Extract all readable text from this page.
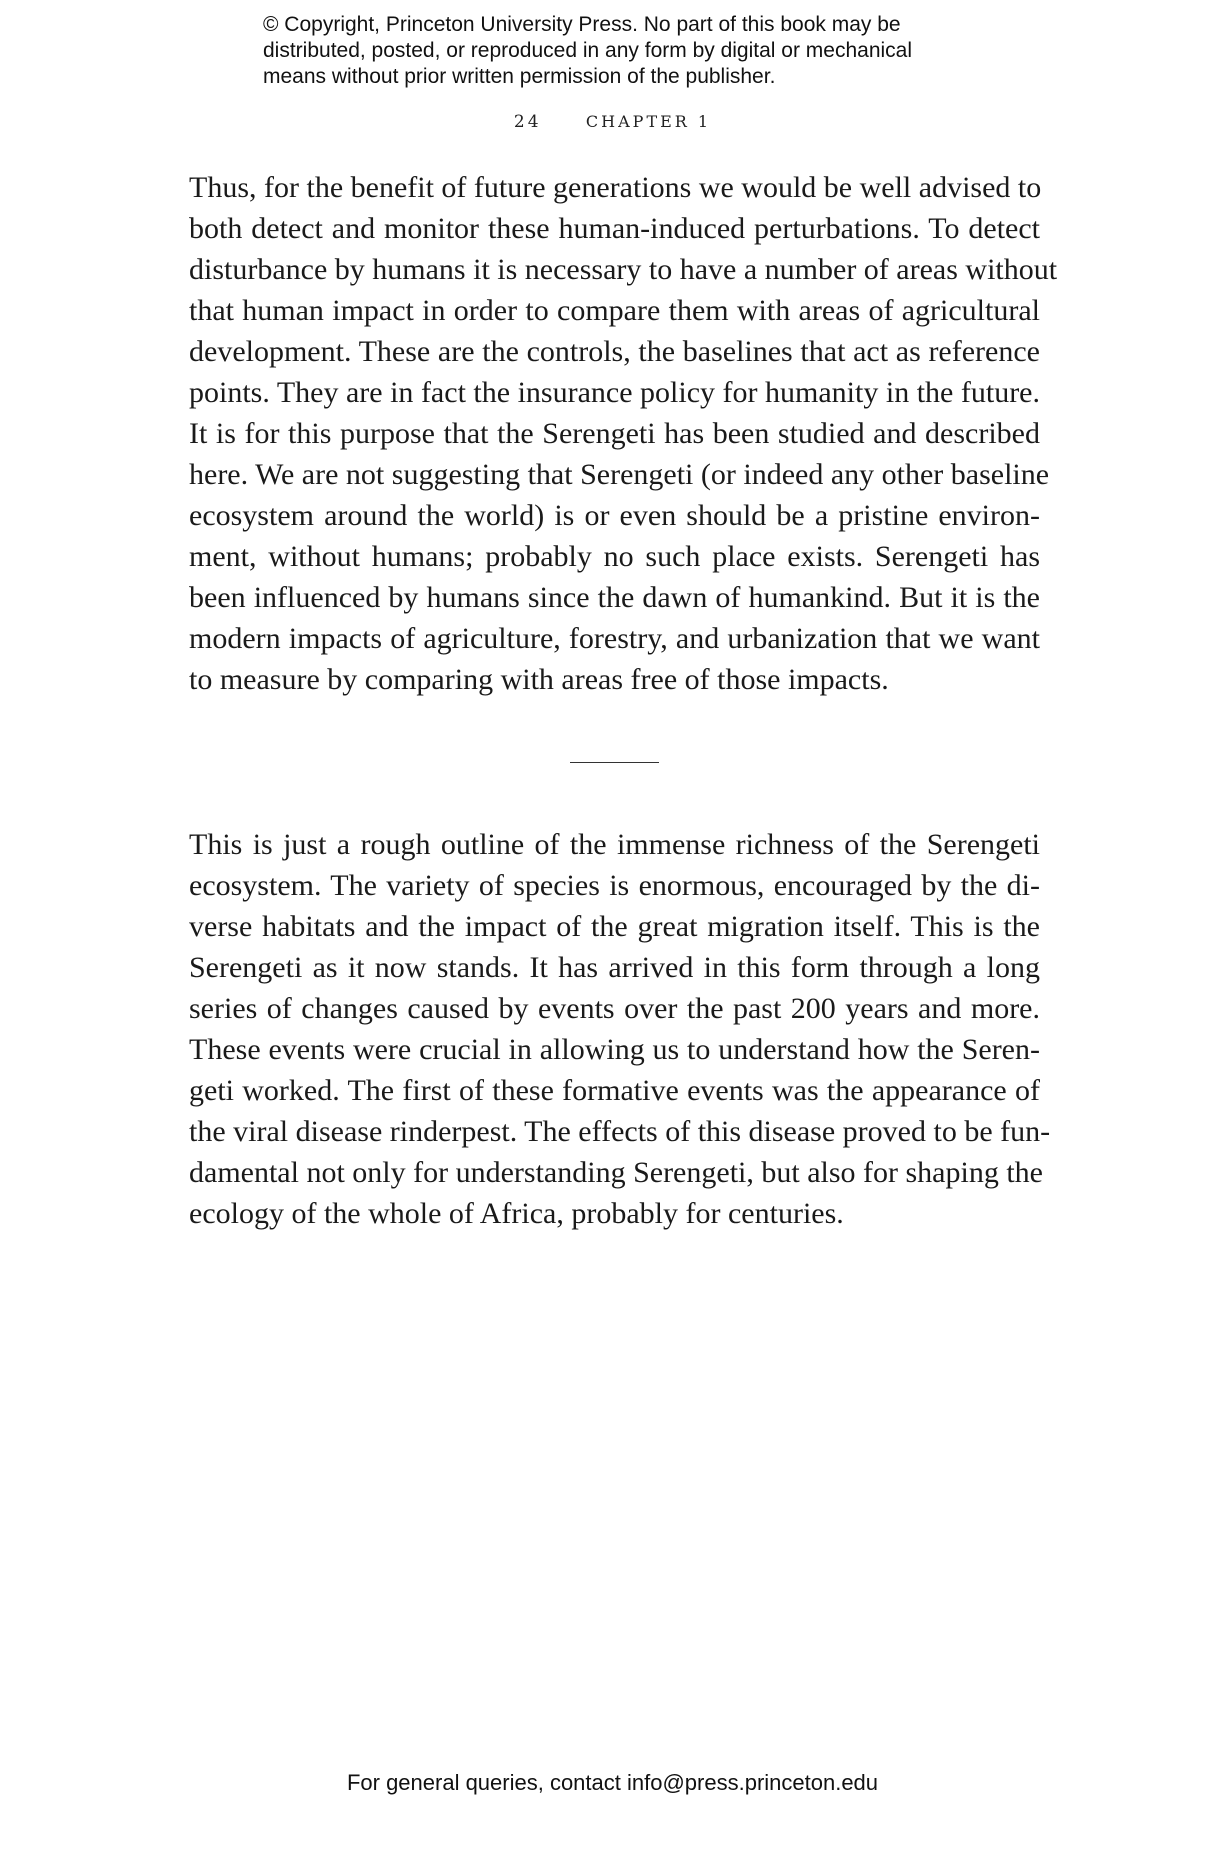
© Copyright, Princeton University Press. No part of this book may be
distributed, posted, or reproduced in any form by digital or mechanical
means without prior written permission of the publisher.
24	CHAPTER 1
Thus, for the benefit of future generations we would be well advised to
both detect and monitor these human-induced perturbations. To detect
disturbance by humans it is necessary to have a number of areas without
that human impact in order to compare them with areas of agricultural
development. These are the controls, the baselines that act as reference
points. They are in fact the insurance policy for humanity in the future.
It is for this purpose that the Serengeti has been studied and described
here. We are not suggesting that Serengeti (or indeed any other baseline
ecosystem around the world) is or even should be a pristine environ-
ment, without humans; probably no such place exists. Serengeti has
been influenced by humans since the dawn of humankind. But it is the
modern impacts of agriculture, forestry, and urbanization that we want
to measure by comparing with areas free of those impacts.
This is just a rough outline of the immense richness of the Serengeti
ecosystem. The variety of species is enormous, encouraged by the di-
verse habitats and the impact of the great migration itself. This is the
Serengeti as it now stands. It has arrived in this form through a long
series of changes caused by events over the past 200 years and more.
These events were crucial in allowing us to understand how the Seren-
geti worked. The first of these formative events was the appearance of
the viral disease rinderpest. The effects of this disease proved to be fun-
damental not only for understanding Serengeti, but also for shaping the
ecology of the whole of Africa, probably for centuries.
For general queries, contact info@press.princeton.edu
